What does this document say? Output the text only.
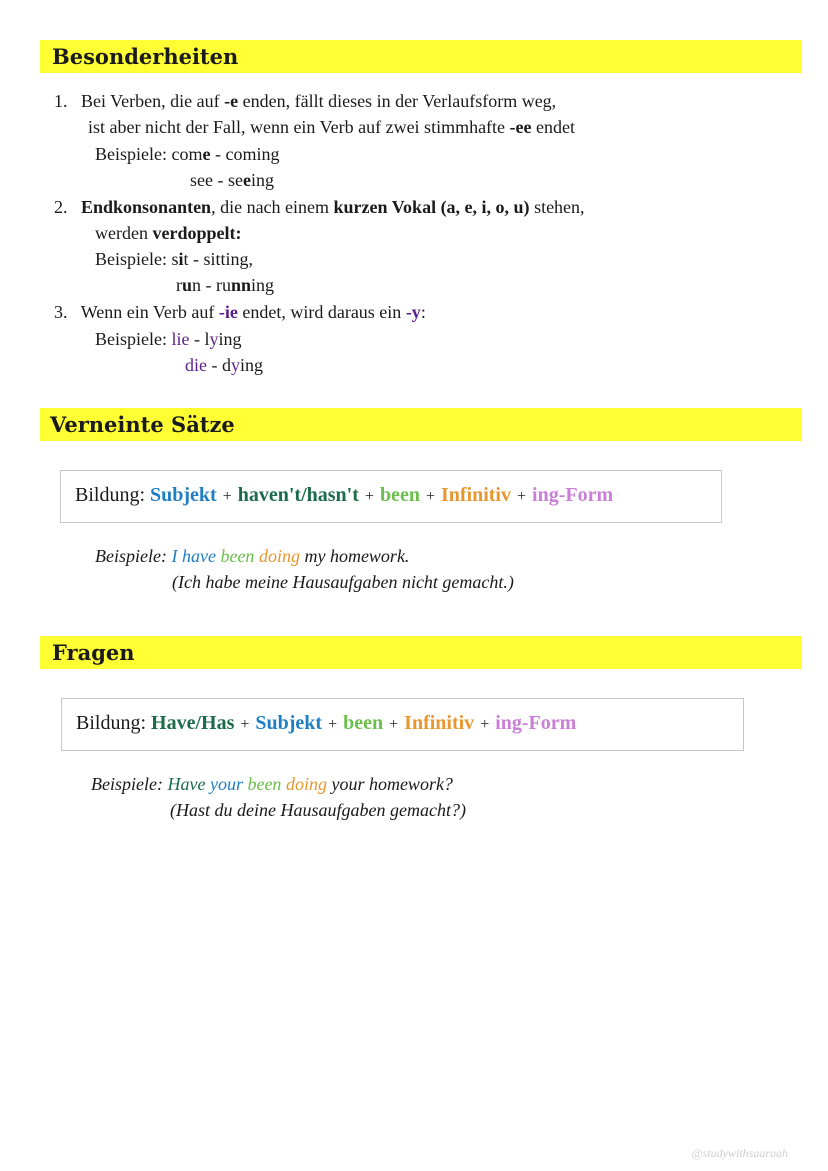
Besonderheiten
1. Bei Verben, die auf -e enden, fällt dieses in der Verlaufsform weg,
ist aber nicht der Fall, wenn ein Verb auf zwei stimmhafte -ee endet
Beispiele: come - coming
see - seeing
2. Endkonsonanten, die nach einem kurzen Vokal (a, e, i, o, u) stehen,
werden verdoppelt:
Beispiele: sit - sitting,
run - running
3. Wenn ein Verb auf -ie endet, wird daraus ein -y:
Beispiele: lie - lying
die - dying
Verneinte Sätze
Bildung: Subjekt + haven't/hasn't + been + Infinitiv + ing-Form
Beispiele: I have been doing my homework.
(Ich habe meine Hausaufgaben nicht gemacht.)
Fragen
Bildung: Have/Has + Subjekt + been + Infinitiv + ing-Form
Beispiele: Have your been doing your homework?
(Hast du deine Hausaufgaben gemacht?)
@studywithsaaraah
